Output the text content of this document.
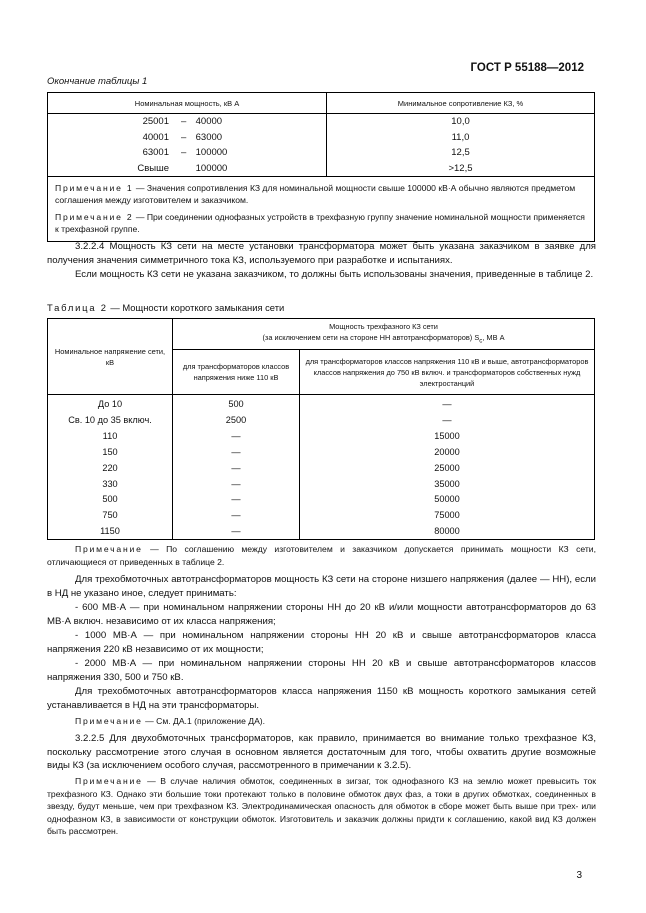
ГОСТ Р 55188—2012
Окончание таблицы 1
Номинальная мощность, кВ А	Минимальное сопротивление КЗ, %
25001 – 40000	10,0
40001 – 63000	11,0
63001 – 100000	12,5
Свыше 100000	>12,5
Примечание 1 — Значения сопротивления КЗ для номинальной мощности свыше 100000 кВ·А обычно являются предметом соглашения между изготовителем и заказчиком.	
Примечание 2 — При соединении однофазных устройств в трехфазную группу значение номинальной мощности применяется к трехфазной группе.	
3.2.2.4 Мощность КЗ сети на месте установки трансформатора может быть указана заказчиком в заявке для получения значения симметричного тока КЗ, используемого при разработке и испытаниях.
Если мощность КЗ сети не указана заказчиком, то должны быть использованы значения, приведенные в таблице 2.
Таблица 2 — Мощности короткого замыкания сети
Номинальное напряжение сети, кВ	Мощность трехфазного КЗ сети
(за исключением сети на стороне НН автотрансформаторов) $S_с$, МВ А	
	для трансформаторов классов напряжения ниже 110 кВ	для трансформаторов классов напряжения 110 кВ и выше, автотрансформаторов классов напряжения до 750 кВ включ. и трансформаторов собственных нужд электростанций
До 10	500	—
Св. 10 до 35 включ.	2500	—
110	—	15000
150	—	20000
220	—	25000
330	—	35000
500	—	50000
750	—	75000
1150	—	80000
Примечание — По соглашению между изготовителем и заказчиком допускается принимать мощности КЗ сети, отличающиеся от приведенных в таблице 2.
Для трехобмоточных автотрансформаторов мощность КЗ сети на стороне низшего напряжения (далее — НН), если в НД не указано иное, следует принимать:
- 600 МВ·А — при номинальном напряжении стороны НН до 20 кВ и/или мощности автотрансформаторов до 63 МВ·А включ. независимо от их класса напряжения;
- 1000 МВ·А — при номинальном напряжении стороны НН 20 кВ и свыше автотрансформаторов класса напряжения 220 кВ независимо от их мощности;
- 2000 МВ·А — при номинальном напряжении стороны НН 20 кВ и свыше автотрансформаторов классов напряжения 330, 500 и 750 кВ.
Для трехобмоточных автотрансформаторов класса напряжения 1150 кВ мощность короткого замыкания сетей устанавливается в НД на эти трансформаторы.
Примечание — См. ДА.1 (приложение ДА).
3.2.2.5 Для двухобмоточных трансформаторов, как правило, принимается во внимание только трехфазное КЗ, поскольку рассмотрение этого случая в основном является достаточным для того, чтобы охватить другие возможные виды КЗ (за исключением особого случая, рассмотренного в примечании к 3.2.5).
Примечание — В случае наличия обмоток, соединенных в зигзаг, ток однофазного КЗ на землю может превысить ток трехфазного КЗ. Однако эти большие токи протекают только в половине обмоток двух фаз, а токи в других обмотках, соединенных в звезду, будут меньше, чем при трехфазном КЗ. Электродинамическая опасность для обмоток в сборе может быть выше при трех- или однофазном КЗ, в зависимости от конструкции обмоток. Изготовитель и заказчик должны придти к соглашению, какой вид КЗ должен быть рассмотрен.
3
